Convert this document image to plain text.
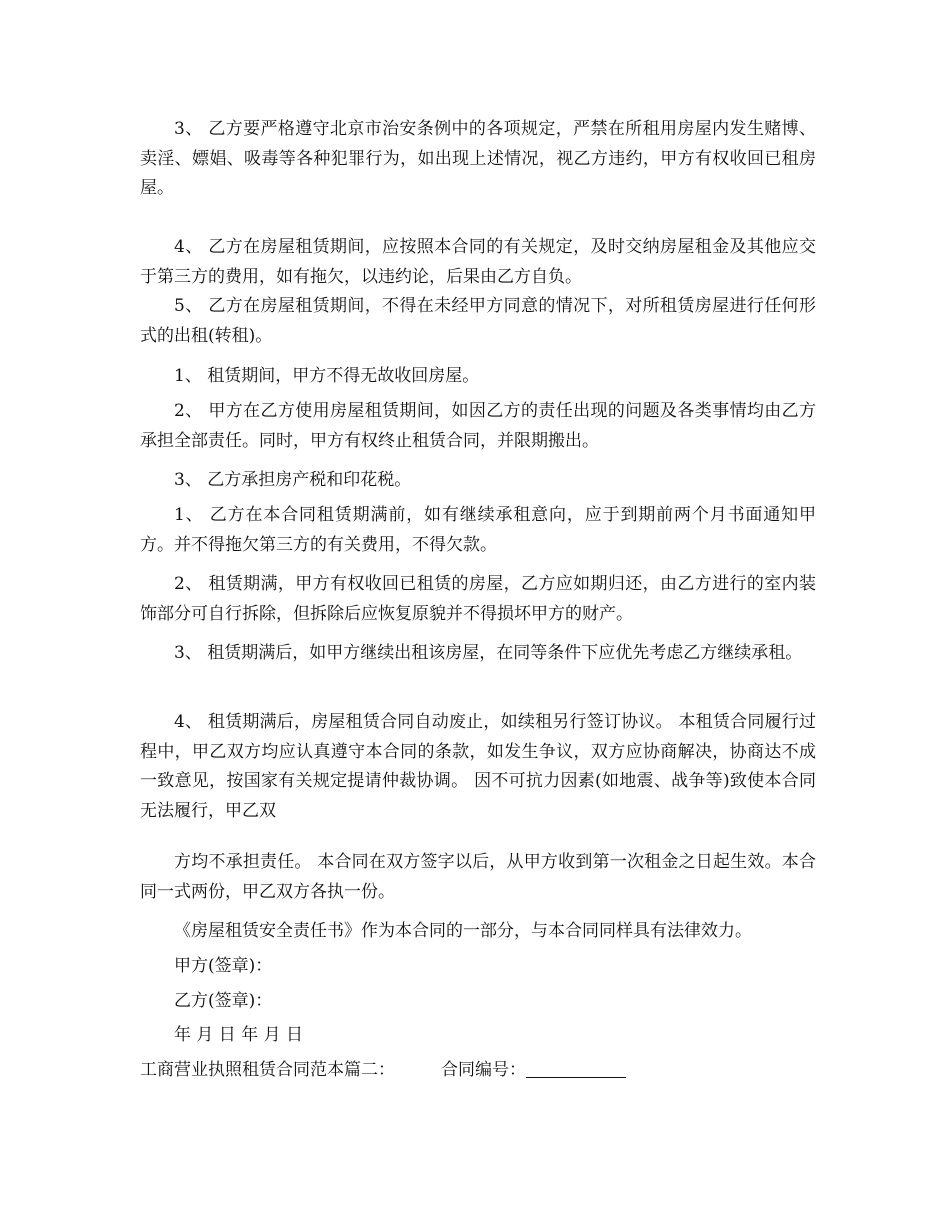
3、 乙方要严格遵守北京市治安条例中的各项规定，严禁在所租用房屋内发生赌博、卖淫、嫖娼、吸毒等各种犯罪行为，如出现上述情况，视乙方违约，甲方有权收回已租房屋。

4、 乙方在房屋租赁期间，应按照本合同的有关规定，及时交纳房屋租金及其他应交于第三方的费用，如有拖欠，以违约论，后果由乙方自负。

5、 乙方在房屋租赁期间，不得在未经甲方同意的情况下，对所租赁房屋进行任何形式的出租(转租)。

1、 租赁期间，甲方不得无故收回房屋。

2、 甲方在乙方使用房屋租赁期间，如因乙方的责任出现的问题及各类事情均由乙方承担全部责任。同时，甲方有权终止租赁合同，并限期搬出。

3、 乙方承担房产税和印花税。

1、 乙方在本合同租赁期满前，如有继续承租意向，应于到期前两个月书面通知甲方。并不得拖欠第三方的有关费用，不得欠款。

2、 租赁期满，甲方有权收回已租赁的房屋，乙方应如期归还，由乙方进行的室内装饰部分可自行拆除，但拆除后应恢复原貌并不得损坏甲方的财产。

3、 租赁期满后，如甲方继续出租该房屋，在同等条件下应优先考虑乙方继续承租。

4、 租赁期满后，房屋租赁合同自动废止，如续租另行签订协议。 本租赁合同履行过程中，甲乙双方均应认真遵守本合同的条款，如发生争议，双方应协商解决，协商达不成一致意见，按国家有关规定提请仲裁协调。 因不可抗力因素(如地震、战争等)致使本合同无法履行，甲乙双

方均不承担责任。 本合同在双方签字以后，从甲方收到第一次租金之日起生效。本合同一式两份，甲乙双方各执一份。

《房屋租赁安全责任书》作为本合同的一部分，与本合同同样具有法律效力。

甲方(签章)：

乙方(签章)：

年 月 日 年 月 日

工商营业执照租赁合同范本篇二：	合同编号：
